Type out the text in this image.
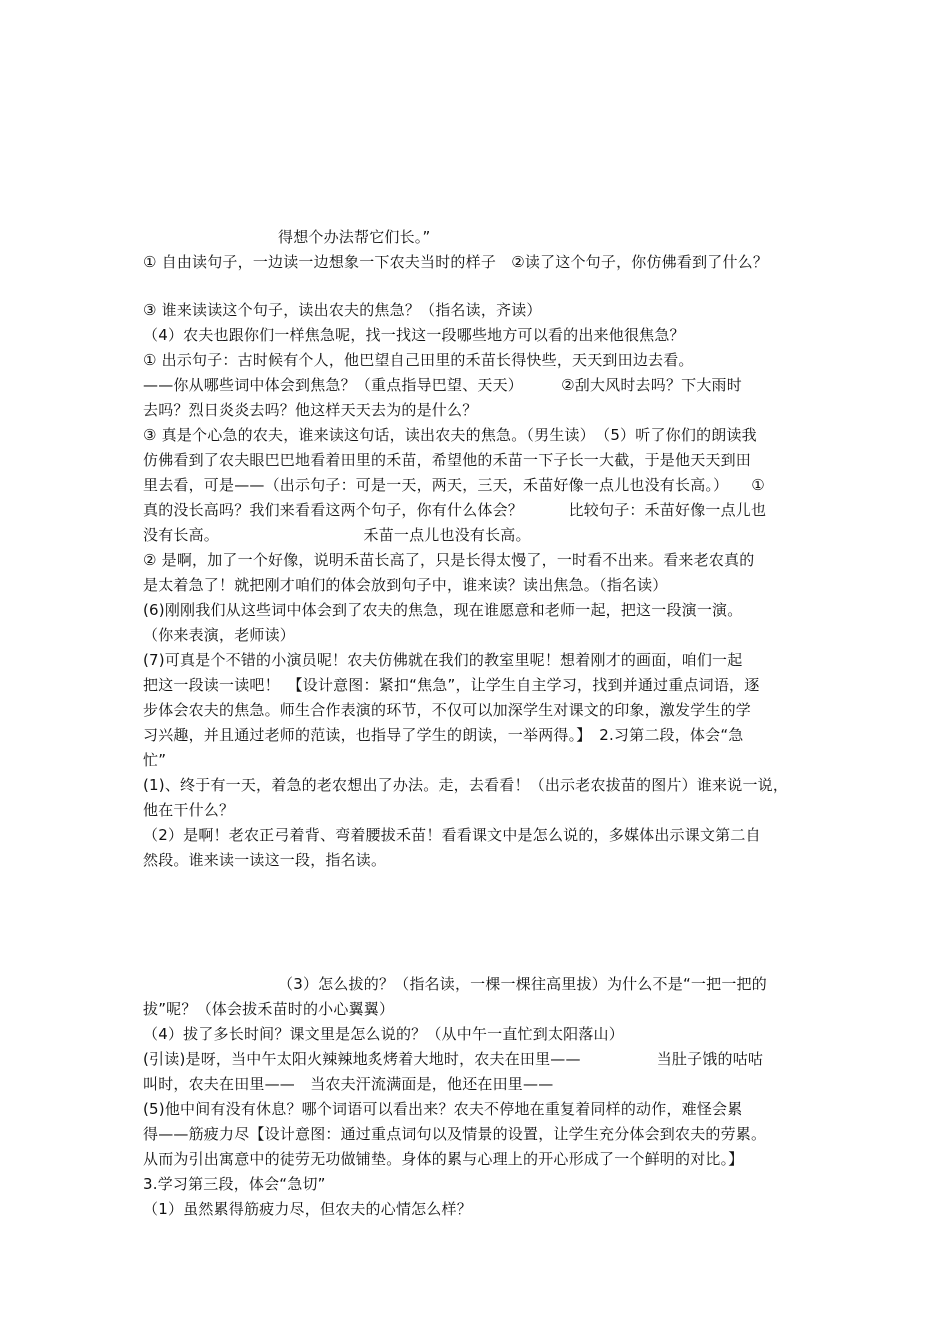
得想个办法帮它们长。”
① 自由读句子，一边读一边想象一下农夫当时的样子　②读了这个句子，你仿佛看到了什么？
③ 谁来读读这个句子，读出农夫的焦急？（指名读，齐读）
（4）农夫也跟你们一样焦急呢，找一找这一段哪些地方可以看的出来他很焦急？
① 出示句子：古时候有个人，他巴望自己田里的禾苗长得快些，天天到田边去看。
——你从哪些词中体会到焦急？（重点指导巴望、天天）　　　②刮大风时去吗？下大雨时
去吗？烈日炎炎去吗？他这样天天去为的是什么？
③ 真是个心急的农夫，谁来读这句话，读出农夫的焦急。（男生读）　（5）听了你们的朗读我
仿佛看到了农夫眼巴巴地看着田里的禾苗，希望他的禾苗一下子长一大截，于是他天天到田
里去看，可是——（出示句子：可是一天，两天，三天，禾苗好像一点儿也没有长高。）　　①
真的没长高吗？我们来看看这两个句子，你有什么体会？　　　比较句子：禾苗好像一点儿也
没有长高。　　　　　　　　　　禾苗一点儿也没有长高。
② 是啊，加了一个好像，说明禾苗长高了，只是长得太慢了，一时看不出来。看来老农真的
是太着急了！就把刚才咱们的体会放到句子中，谁来读？读出焦急。（指名读）
(6)刚刚我们从这些词中体会到了农夫的焦急，现在谁愿意和老师一起，把这一段演一演。
（你来表演，老师读）
(7)可真是个不错的小演员呢！农夫仿佛就在我们的教室里呢！想着刚才的画面，咱们一起
把这一段读一读吧！　【设计意图：紧扣“焦急”，让学生自主学习，找到并通过重点词语，逐
步体会农夫的焦急。师生合作表演的环节，不仅可以加深学生对课文的印象，激发学生的学
习兴趣，并且通过老师的范读，也指导了学生的朗读，一举两得。】　2.习第二段，体会“急
忙”
(1)、终于有一天，着急的老农想出了办法。走，去看看！（出示老农拔苗的图片）谁来说一说，
他在干什么？
（2）是啊！老农正弓着背、弯着腰拔禾苗！看看课文中是怎么说的，多媒体出示课文第二自
然段。谁来读一读这一段，指名读。
（3）怎么拔的？（指名读，一棵一棵往高里拔）为什么不是“一把一把的
拔”呢？（体会拔禾苗时的小心翼翼）
（4）拔了多长时间？课文里是怎么说的？（从中午一直忙到太阳落山）
(引读)是呀，当中午太阳火辣辣地炙烤着大地时，农夫在田里——　　　　　当肚子饿的咕咕
叫时，农夫在田里——　当农夫汗流满面是，他还在田里——
(5)他中间有没有休息？哪个词语可以看出来？农夫不停地在重复着同样的动作，难怪会累
得——筋疲力尽【设计意图：通过重点词句以及情景的设置，让学生充分体会到农夫的劳累。
从而为引出寓意中的徒劳无功做铺垫。身体的累与心理上的开心形成了一个鲜明的对比。】
3.学习第三段，体会“急切”
（1）虽然累得筋疲力尽，但农夫的心情怎么样？
